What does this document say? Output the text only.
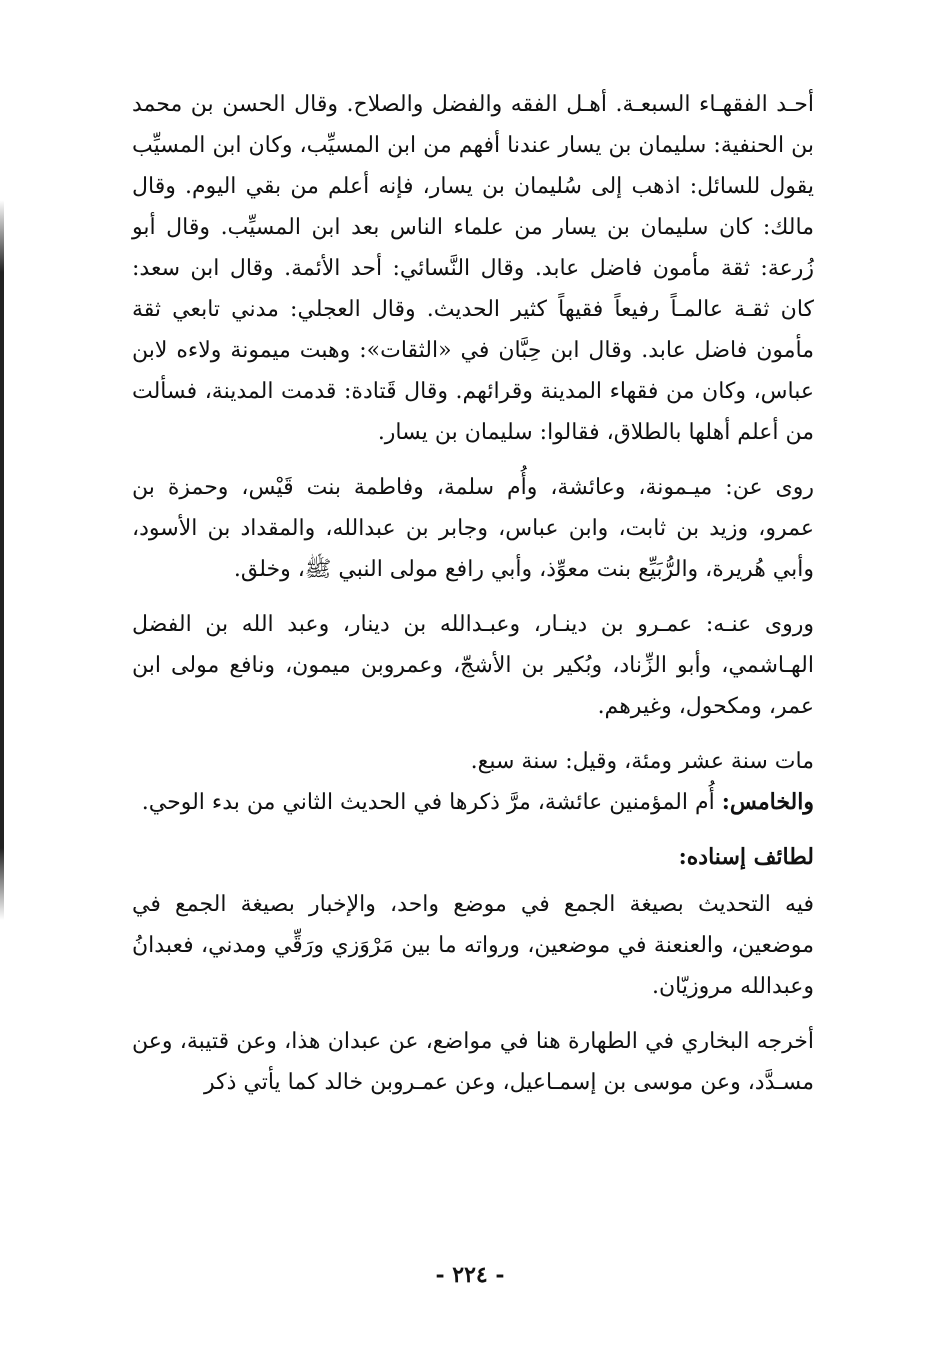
أحـد الفقهـاء السبعـة. أهـل الفقه والفضل والصلاح. وقال الحسن بن محمد بن الحنفية: سليمان بن يسار عندنا أفهم من ابن المسيِّب، وكان ابن المسيِّب يقول للسائل: اذهب إلى سُليمان بن يسار، فإنه أعلم من بقي اليوم. وقال مالك: كان سليمان بن يسار من علماء الناس بعد ابن المسيِّب. وقال أبو زُرعة: ثقة مأمون فاضل عابد. وقال النَّسائي: أحد الأئمة. وقال ابن سعد: كان ثقـة عالمـاً رفيعاً فقيهاً كثير الحديث. وقال العجلي: مدني تابعي ثقة مأمون فاضل عابد. وقال ابن حِبَّان في «الثقات»: وهبت ميمونة ولاءه لابن عباس، وكان من فقهاء المدينة وقرائهم. وقال قَتادة: قدمت المدينة، فسألت من أعلم أهلها بالطلاق، فقالوا: سليمان بن يسار.

روى عن: ميـمونة، وعائشة، وأُم سلمة، وفاطمة بنت قَيْس، وحمزة بن عمرو، وزيد بن ثابت، وابن عباس، وجابر بن عبدالله، والمقداد بن الأسود، وأبي هُريرة، والرُّبَيِّع بنت معوِّذ، وأبي رافع مولى النبي ﷺ، وخلق.

وروى عنـه: عمـرو بن دينـار، وعبـدالله بن دينار، وعبد الله بن الفضل الهـاشمي، وأبو الزِّناد، وبُكير بن الأشجّ، وعمروبن ميمون، ونافع مولى ابن عمر، ومكحول، وغيرهم.

مات سنة عشر ومئة، وقيل: سنة سبع.

والخامس: أُم المؤمنين عائشة، مرَّ ذكرها في الحديث الثاني من بدء الوحي.

لطائف إسناده:

فيه التحديث بصيغة الجمع في موضع واحد، والإخبار بصيغة الجمع في موضعين، والعنعنة في موضعين، ورواته ما بين مَرْوَزي ورَقِّي ومدني، فعبدانُ وعبدالله مروزيّان.

أخرجه البخاري في الطهارة هنا في مواضع، عن عبدان هذا، وعن قتيبة، وعن مسـدَّد، وعن موسى بن إسمـاعيل، وعن عمـروبن خالد كما يأتي ذكر

- ٢٢٤ -
